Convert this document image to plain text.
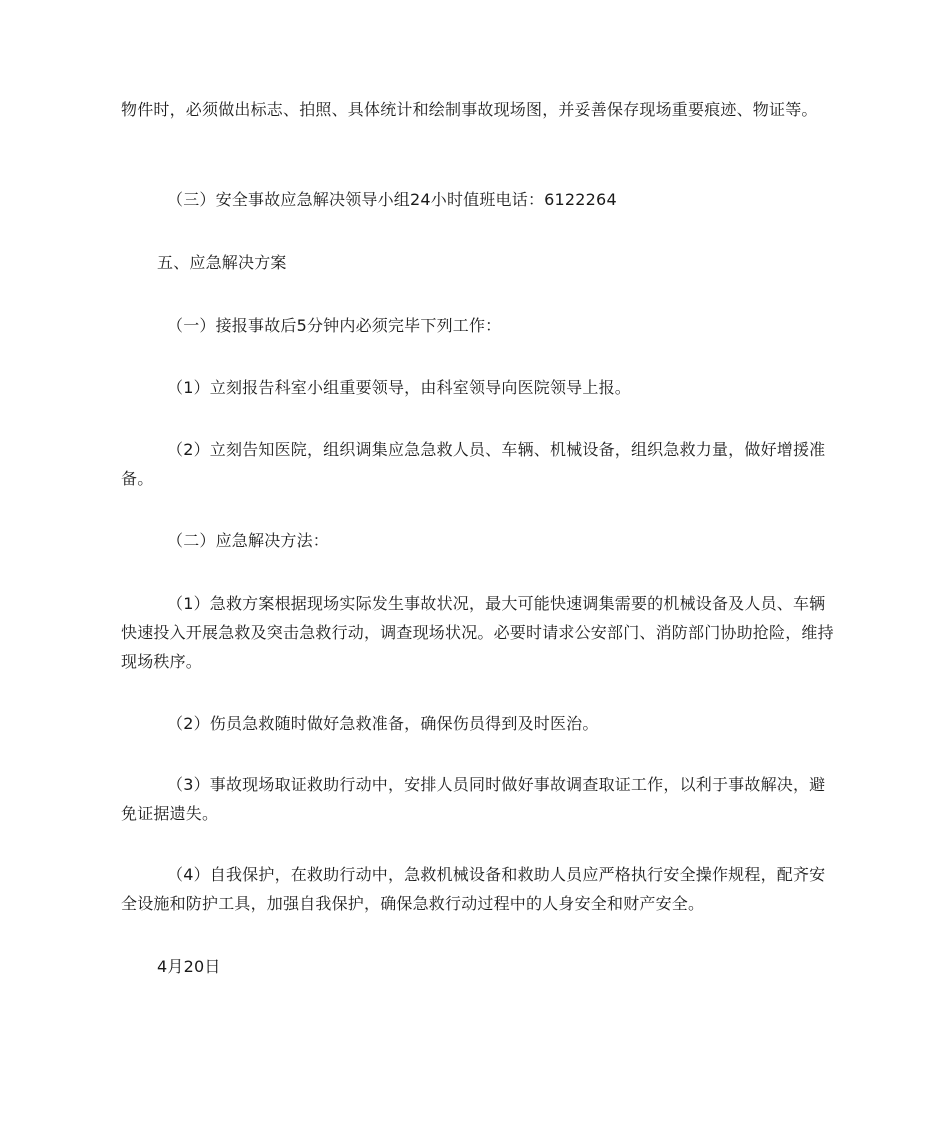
物件时，必须做出标志、拍照、具体统计和绘制事故现场图，并妥善保存现场重要痕迹、物证等。

（三）安全事故应急解决领导小组24小时值班电话：6122264

五、应急解决方案

（一）接报事故后5分钟内必须完毕下列工作：

（1）立刻报告科室小组重要领导，由科室领导向医院领导上报。

（2）立刻告知医院，组织调集应急急救人员、车辆、机械设备，组织急救力量，做好增援准备。

（二）应急解决方法：

（1）急救方案根据现场实际发生事故状况，最大可能快速调集需要的机械设备及人员、车辆快速投入开展急救及突击急救行动，调查现场状况。必要时请求公安部门、消防部门协助抢险，维持现场秩序。

（2）伤员急救随时做好急救准备，确保伤员得到及时医治。

（3）事故现场取证救助行动中，安排人员同时做好事故调查取证工作，以利于事故解决，避免证据遗失。

（4）自我保护，在救助行动中，急救机械设备和救助人员应严格执行安全操作规程，配齐安全设施和防护工具，加强自我保护，确保急救行动过程中的人身安全和财产安全。

4月20日
